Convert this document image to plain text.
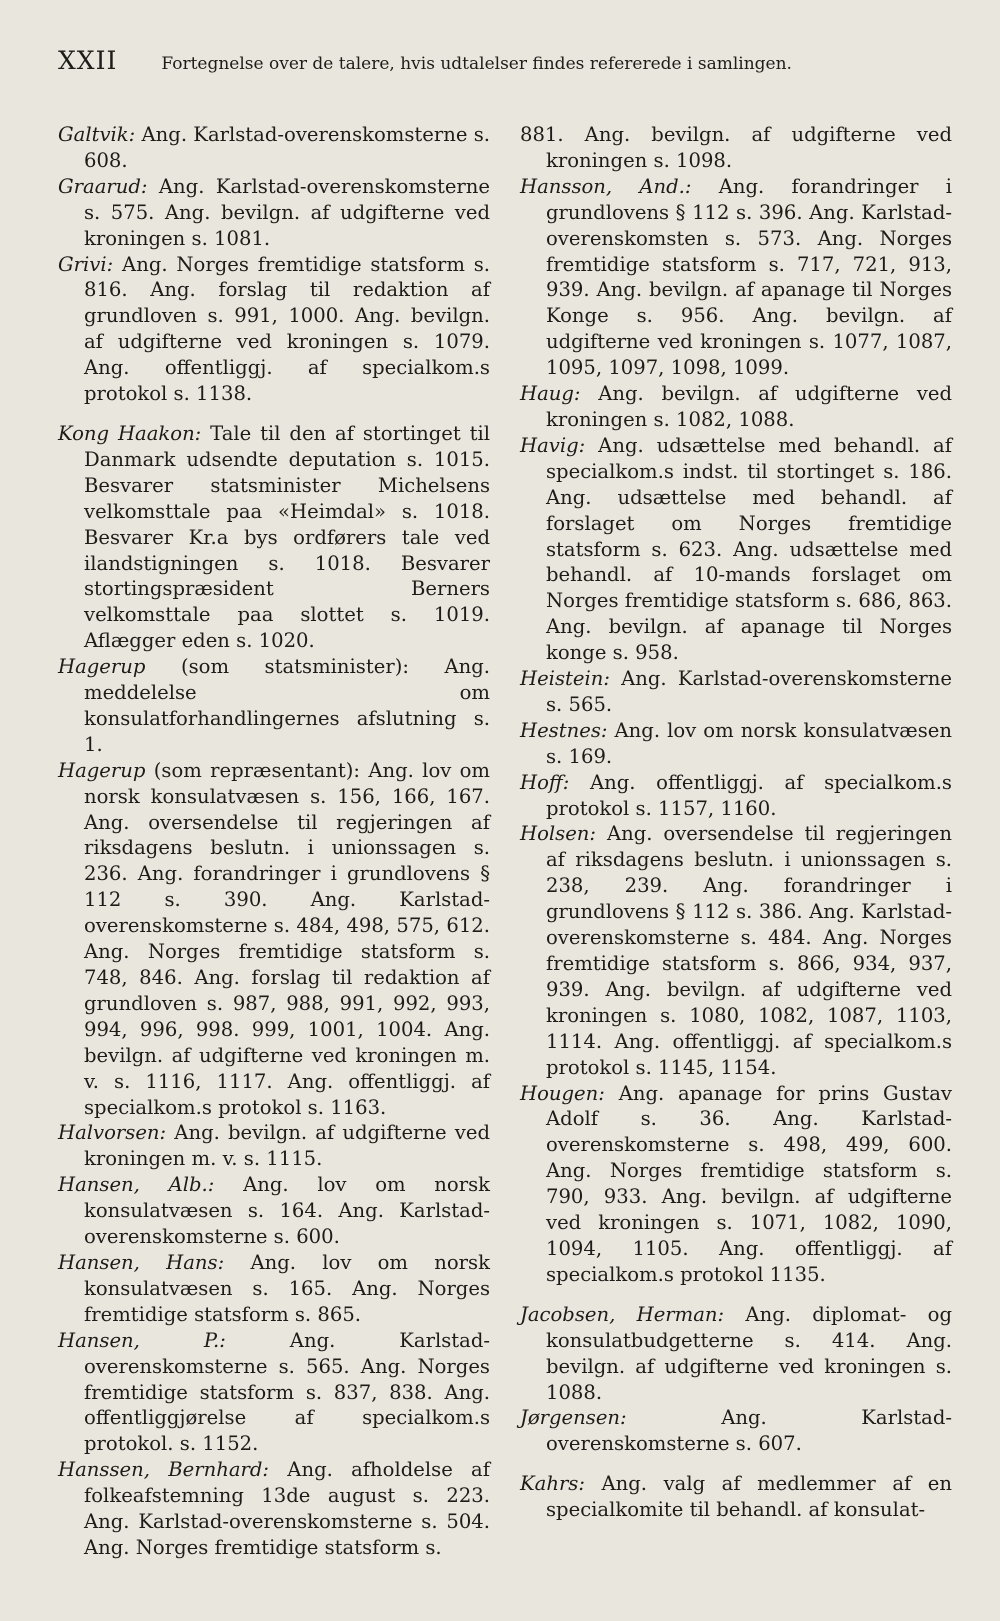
XXII	Fortegnelse over de talere, hvis udtalelser findes refererede i samlingen.

Galtvik: Ang. Karlstad-overenskomsterne s. 608.

Graarud: Ang. Karlstad-overenskomsterne s. 575. Ang. bevilgn. af udgifterne ved kroningen s. 1081.

Grivi: Ang. Norges fremtidige statsform s. 816. Ang. forslag til redaktion af grundloven s. 991, 1000. Ang. bevilgn. af udgifterne ved kroningen s. 1079. Ang. offentliggj. af specialkom.s protokol s. 1138.

Kong Haakon: Tale til den af stortinget til Danmark udsendte deputation s. 1015. Besvarer statsminister Michelsens velkomsttale paa «Heimdal» s. 1018. Besvarer Kr.a bys ordførers tale ved ilandstigningen s. 1018. Besvarer stortingspræsident Berners velkomsttale paa slottet s. 1019. Aflægger eden s. 1020.

Hagerup (som statsminister): Ang. meddelelse om konsulatforhandlingernes afslutning s. 1.

Hagerup (som repræsentant): Ang. lov om norsk konsulatvæsen s. 156, 166, 167. Ang. oversendelse til regjeringen af riksdagens beslutn. i unionssagen s. 236. Ang. forandringer i grundlovens § 112 s. 390. Ang. Karlstad-overenskomsterne s. 484, 498, 575, 612. Ang. Norges fremtidige statsform s. 748, 846. Ang. forslag til redaktion af grundloven s. 987, 988, 991, 992, 993, 994, 996, 998. 999, 1001, 1004. Ang. bevilgn. af udgifterne ved kroningen m. v. s. 1116, 1117. Ang. offentliggj. af specialkom.s protokol s. 1163.

Halvorsen: Ang. bevilgn. af udgifterne ved kroningen m. v. s. 1115.

Hansen, Alb.: Ang. lov om norsk konsulatvæsen s. 164. Ang. Karlstad-overenskomsterne s. 600.

Hansen, Hans: Ang. lov om norsk konsulatvæsen s. 165. Ang. Norges fremtidige statsform s. 865.

Hansen, P.:	Ang. Karlstad-overenskomsterne s. 565. Ang. Norges fremtidige statsform s. 837, 838. Ang. offentliggjørelse af specialkom.s protokol. s. 1152.

Hanssen, Bernhard: Ang. afholdelse af folkeafstemning 13de august s. 223. Ang. Karlstad-overenskomsterne s. 504. Ang. Norges fremtidige statsform s.

881. Ang. bevilgn. af udgifterne ved kroningen s. 1098.

Hansson, And.: Ang. forandringer i grundlovens § 112 s. 396. Ang. Karlstad-overenskomsten s. 573. Ang. Norges fremtidige statsform s. 717, 721, 913, 939. Ang. bevilgn. af apanage til Norges Konge s. 956. Ang. bevilgn. af udgifterne ved kroningen s. 1077, 1087, 1095, 1097, 1098, 1099.

Haug: Ang. bevilgn. af udgifterne ved kroningen s. 1082, 1088.

Havig: Ang. udsættelse med behandl. af specialkom.s indst. til stortinget s. 186. Ang. udsættelse med behandl. af forslaget om Norges fremtidige statsform s. 623. Ang. udsættelse med behandl. af 10-mands forslaget om Norges fremtidige statsform s. 686, 863. Ang. bevilgn. af apanage til Norges konge s. 958.

Heistein: Ang. Karlstad-overenskomsterne s. 565.

Hestnes: Ang. lov om norsk konsulatvæsen s. 169.

Hoff: Ang. offentliggj. af specialkom.s protokol s. 1157, 1160.

Holsen: Ang. oversendelse til regjeringen af riksdagens beslutn. i unionssagen s. 238, 239. Ang. forandringer i grundlovens § 112 s. 386. Ang. Karlstad-overenskomsterne s. 484. Ang. Norges fremtidige statsform s. 866, 934, 937, 939. Ang. bevilgn. af udgifterne ved kroningen s. 1080, 1082, 1087, 1103, 1114. Ang. offentliggj. af specialkom.s protokol s. 1145, 1154.

Hougen: Ang. apanage for prins Gustav Adolf s. 36. Ang. Karlstad-overenskomsterne s. 498, 499, 600. Ang. Norges fremtidige statsform s. 790, 933. Ang. bevilgn. af udgifterne ved kroningen s. 1071, 1082, 1090, 1094, 1105. Ang. offentliggj. af specialkom.s protokol 1135.

Jacobsen, Herman: Ang. diplomat- og konsulatbudgetterne s. 414. Ang. bevilgn. af udgifterne ved kroningen s. 1088.

Jørgensen:	Ang. Karlstad-overenskomsterne s. 607.

Kahrs: Ang. valg af medlemmer af en specialkomite til behandl. af konsulat-
